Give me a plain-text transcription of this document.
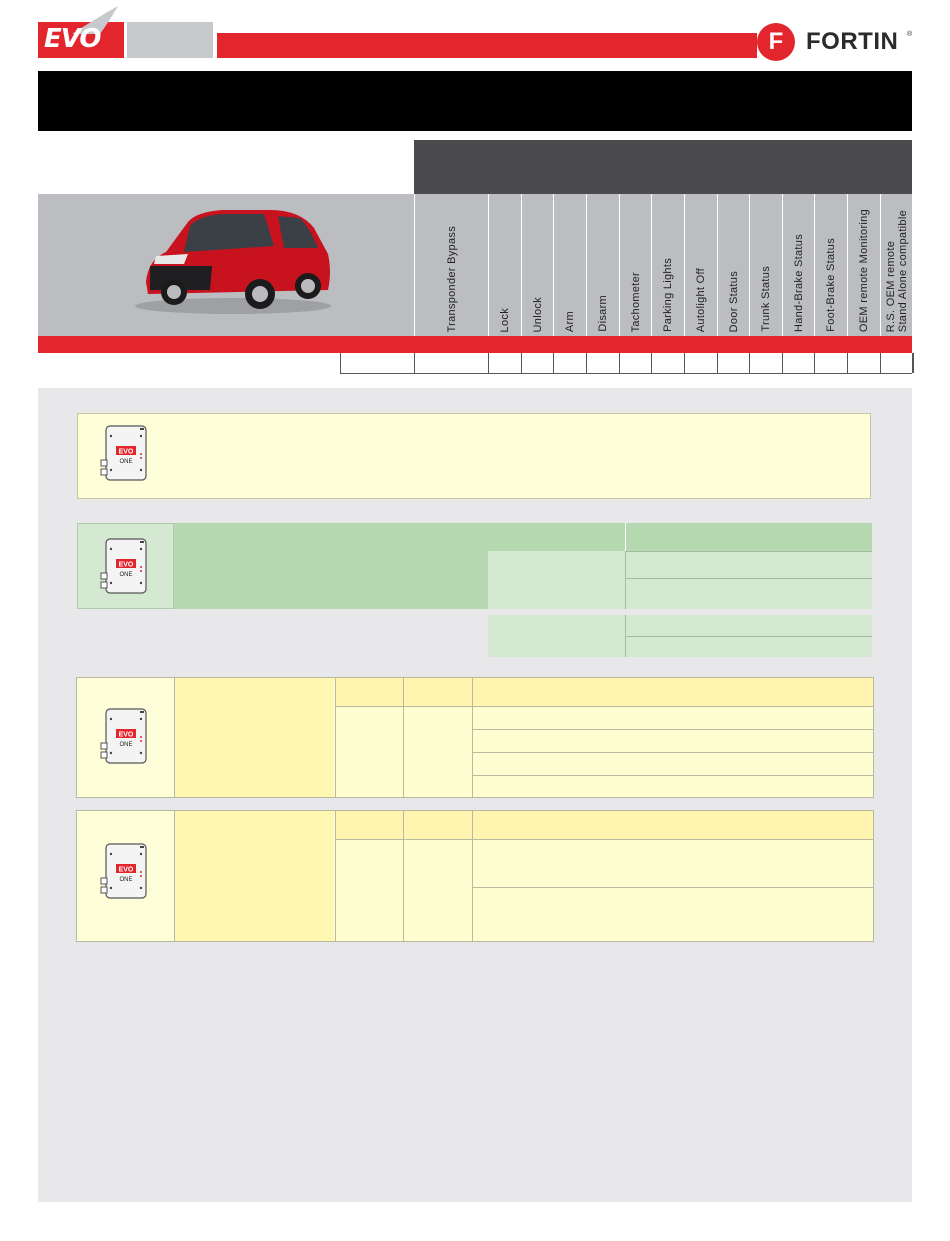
EVO	F FORTIN ®
Transponder Bypass	Lock Unlock Arm Disarm Tachometer Parking Lights Autolight Off Door Status Trunk Status Hand-Brake Status Foot-Brake Status OEM remote Monitoring R.S. OEM remote Stand Alone compatible
EVO
ONE
EVO
ONE
EVO
ONE
EVO
ONE
